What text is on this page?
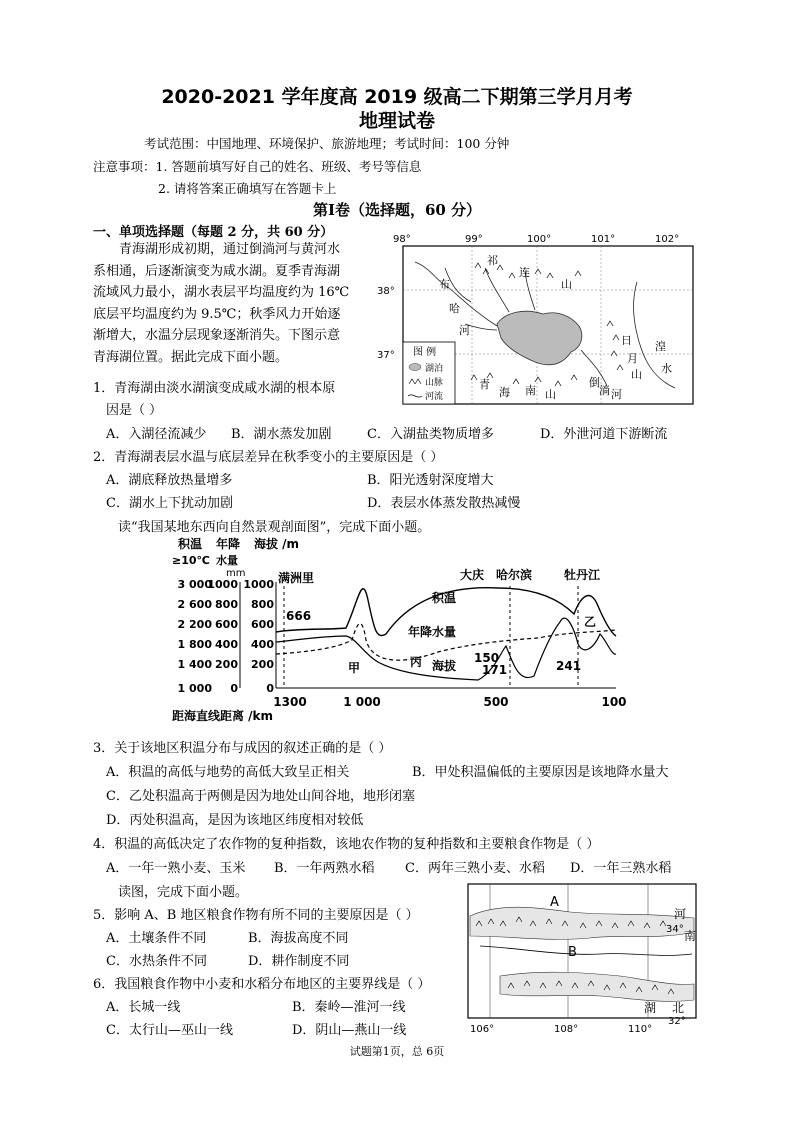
2020-2021 学年度高 2019 级高二下期第三学月月考
地理试卷
考试范围：中国地理、环境保护、旅游地理；考试时间：100 分钟
注意事项：1. 答题前填写好自己的姓名、班级、考号等信息
2. 请将答案正确填写在答题卡上
第Ⅰ卷（选择题，60 分）
一、单项选择题（每题 2 分，共 60 分）
青海湖形成初期，通过倒淌河与黄河水
系相通，后逐渐演变为咸水湖。夏季青海湖
流域风力最小，湖水表层平均温度约为 16℃
底层平均温度约为 9.5℃；秋季风力开始逐
渐增大，水温分层现象逐渐消失。下图示意
青海湖位置。据此完成下面小题。
98°	99°	100°	101°	102°
38°
37°
布
哈
河
倒
淌 河
湟
水
祁
连
山
青
海 南 山
日
月
山
图 例
湖泊
山脉
河流
1．青海湖由淡水湖演变成咸水湖的根本原
因是（ ）
A．入湖径流减少 B．湖水蒸发加剧	C．入湖盐类物质增多	D．外泄河道下游断流
2．青海湖表层水温与底层差异在秋季变小的主要原因是（ ）
A．湖底释放热量增多	B．阳光透射深度增大
C．湖水上下扰动加剧	D．表层水体蒸发散热减慢
读“我国某地东西向自然景观剖面图”，完成下面小题。
积温 年降 海拔 /m
≥10℃ 水量
mm
3 000
2 600
2 200
1 800
1 400
1 000
1000
800
600
400
200
0
1000
800
600
400
200
0
1300	1 000	500	100
距海直线距离 /km
满洲里	大庆 哈尔滨	牡丹江
积温
年降水量
海拔
甲
乙
丙
666
150
171	241
3．关于该地区积温分布与成因的叙述正确的是（ ）
A．积温的高低与地势的高低大致呈正相关	B．甲处积温偏低的主要原因是该地降水量大
C．乙处积温高于两侧是因为地处山间谷地，地形闭塞
D．丙处积温高，是因为该地区纬度相对较低
4．积温的高低决定了农作物的复种指数，该地农作物的复种指数和主要粮食作物是（ ）
A．一年一熟小麦、玉米 B．一年两熟水稻 C．两年三熟小麦、水稻 D．一年三熟水稻
读图，完成下面小题。
5．影响 A、B 地区粮食作物有所不同的主要原因是（ ）
A．土壤条件不同	B．海拔高度不同
C．水热条件不同	D．耕作制度不同
6．我国粮食作物中小麦和水稻分布地区的主要界线是（ ）
A．长城一线	B．秦岭—淮河一线
C．太行山—巫山一线	D．阴山—燕山一线
A
B
河
南
湖 北
34°
32°
106°	108°	110°
试题第1页，总 6页
